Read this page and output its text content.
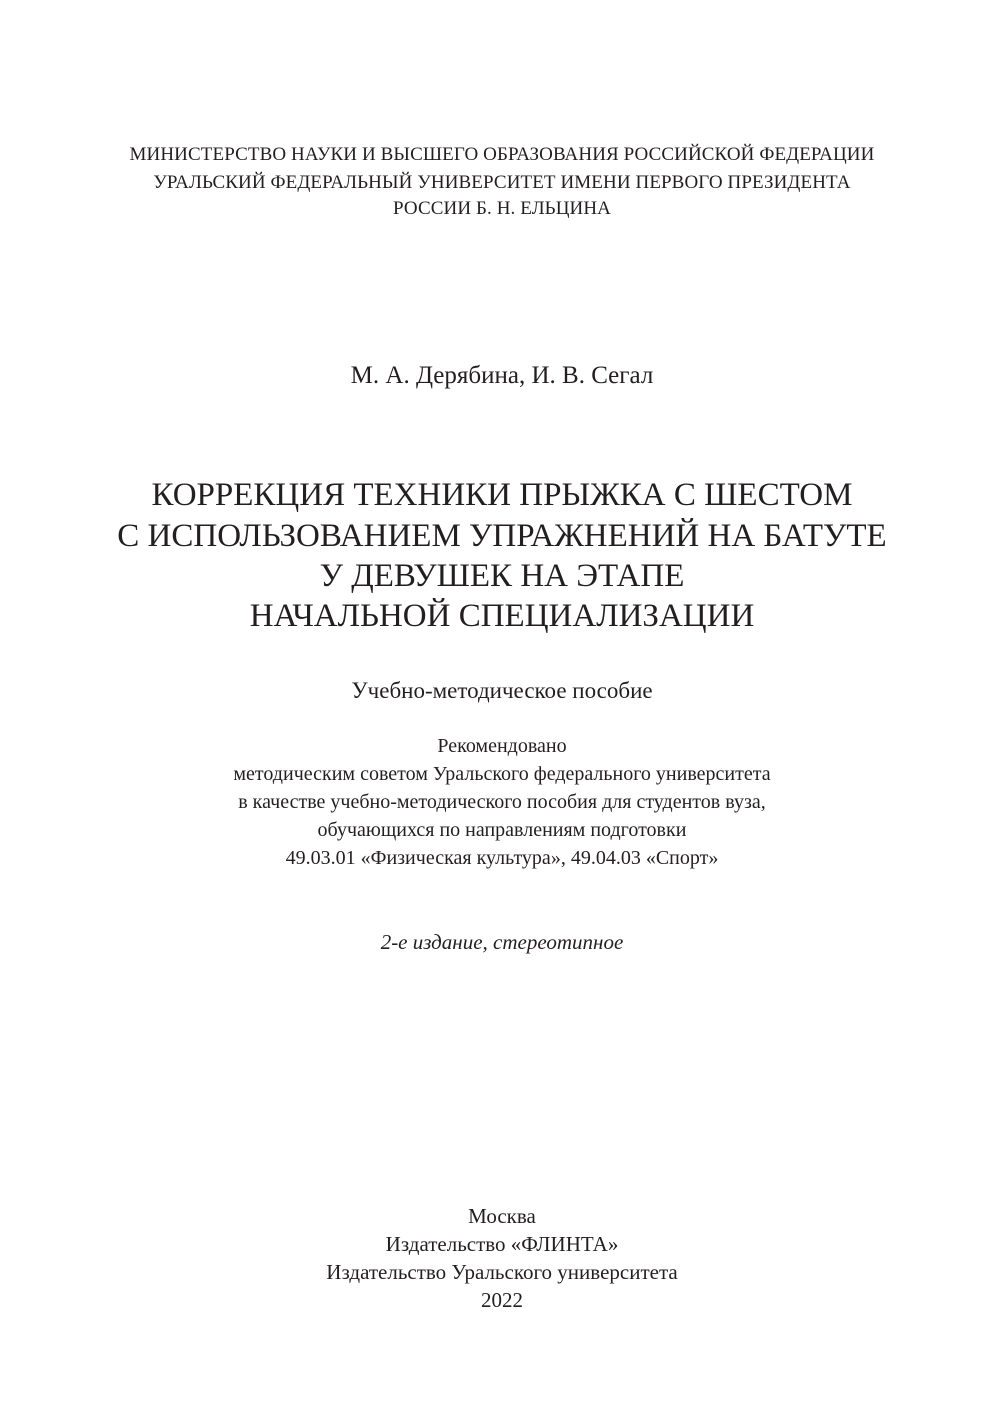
МИНИСТЕРСТВО НАУКИ И ВЫСШЕГО ОБРАЗОВАНИЯ РОССИЙСКОЙ ФЕДЕРАЦИИ
УРАЛЬСКИЙ ФЕДЕРАЛЬНЫЙ УНИВЕРСИТЕТ ИМЕНИ ПЕРВОГО ПРЕЗИДЕНТА
РОССИИ Б. Н. ЕЛЬЦИНА
М. А. Дерябина, И. В. Сегал
КОРРЕКЦИЯ ТЕХНИКИ ПРЫЖКА С ШЕСТОМ
С ИСПОЛЬЗОВАНИЕМ УПРАЖНЕНИЙ НА БАТУТЕ
У ДЕВУШЕК НА ЭТАПЕ
НАЧАЛЬНОЙ СПЕЦИАЛИЗАЦИИ
Учебно-методическое пособие
Рекомендовано
методическим советом Уральского федерального университета
в качестве учебно-методического пособия для студентов вуза,
обучающихся по направлениям подготовки
49.03.01 «Физическая культура», 49.04.03 «Спорт»
2-е издание, стереотипное
Москва
Издательство «ФЛИНТА»
Издательство Уральского университета
2022
